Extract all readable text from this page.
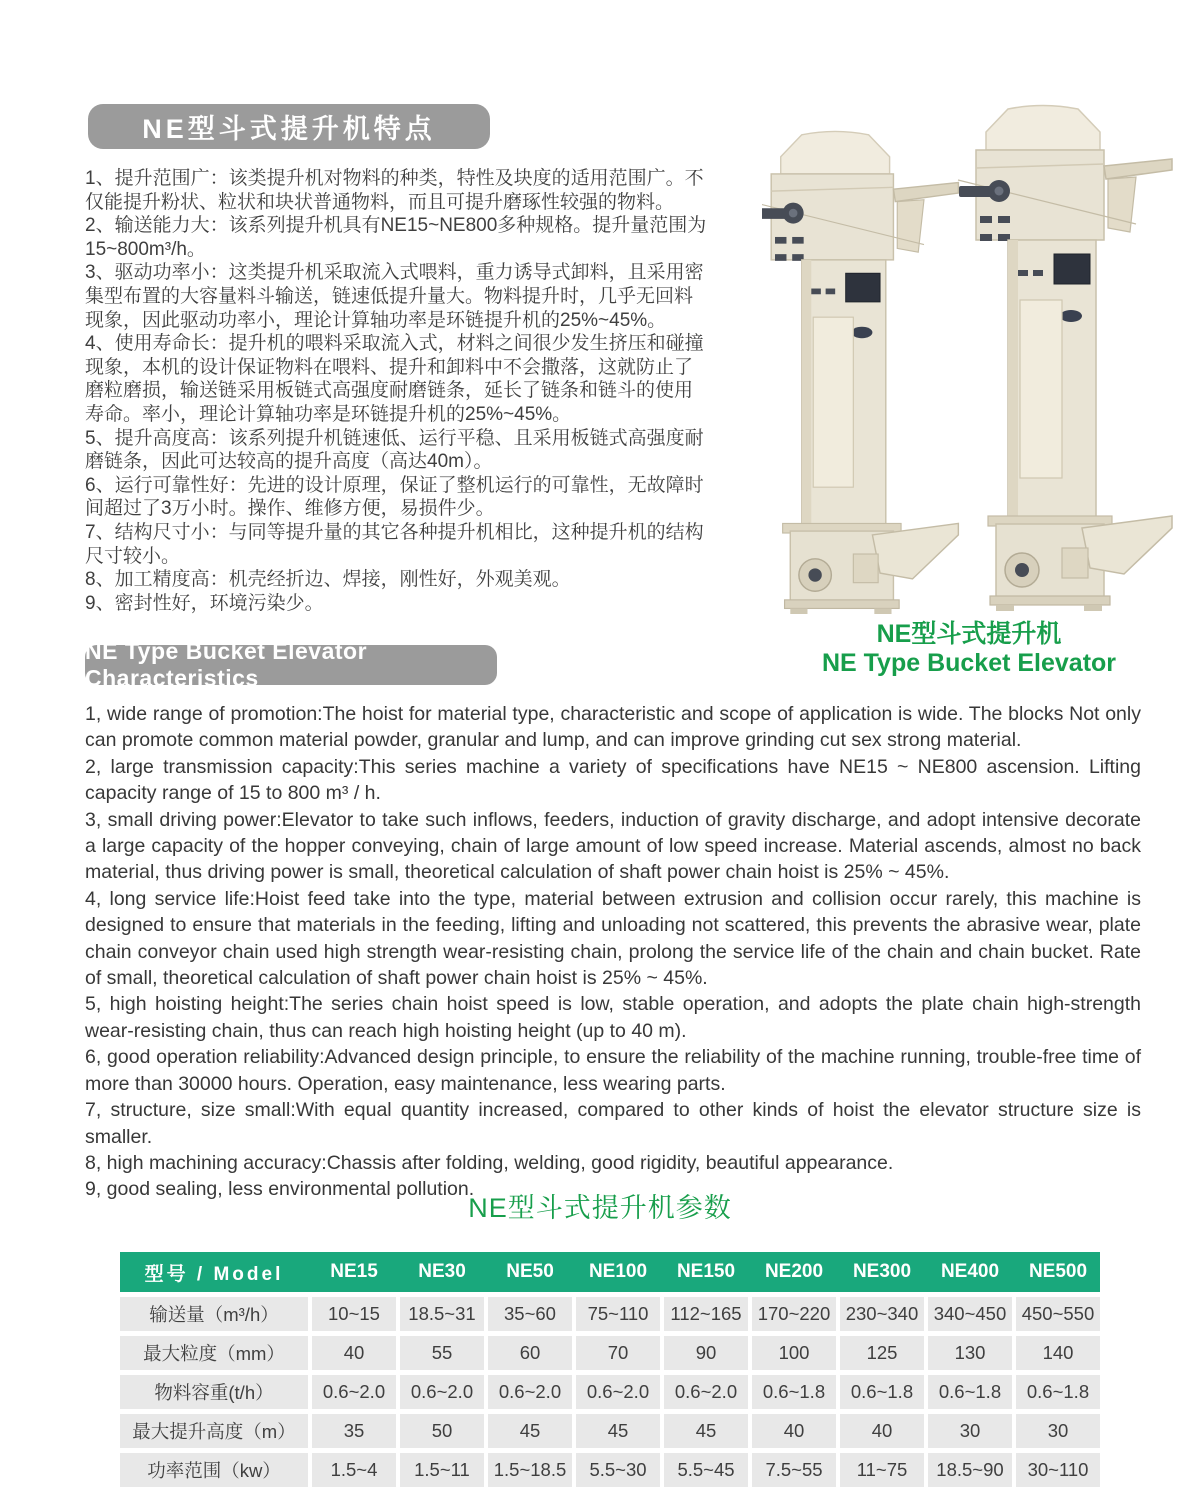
NE型斗式提升机特点

1、提升范围广：该类提升机对物料的种类，特性及块度的适用范围广。不仅能提升粉状、粒状和块状普通物料，而且可提升磨琢性较强的物料。

2、输送能力大：该系列提升机具有NE15~NE800多种规格。提升量范围为15~800m³/h。

3、驱动功率小：这类提升机采取流入式喂料，重力诱导式卸料，且采用密集型布置的大容量料斗输送，链速低提升量大。物料提升时，几乎无回料现象，因此驱动功率小，理论计算轴功率是环链提升机的25%~45%。

4、使用寿命长：提升机的喂料采取流入式，材料之间很少发生挤压和碰撞现象，本机的设计保证物料在喂料、提升和卸料中不会撒落，这就防止了磨粒磨损，输送链采用板链式高强度耐磨链条，延长了链条和链斗的使用寿命。率小，理论计算轴功率是环链提升机的25%~45%。

5、提升高度高：该系列提升机链速低、运行平稳、且采用板链式高强度耐磨链条，因此可达较高的提升高度（高达40m）。

6、运行可靠性好：先进的设计原理，保证了整机运行的可靠性，无故障时间超过了3万小时。操作、维修方便，易损件少。

7、结构尺寸小：与同等提升量的其它各种提升机相比，这种提升机的结构尺寸较小。

8、加工精度高：机壳经折边、焊接，刚性好，外观美观。

9、密封性好，环境污染少。

NE型斗式提升机
NE Type Bucket Elevator
NE Type Bucket Elevator Characteristics

1, wide range of promotion:The hoist for material type, characteristic and scope of application is wide. The blocks Not only can promote common material powder, granular and lump, and can improve grinding cut sex strong material.

2, large transmission capacity:This series machine a variety of specifications have NE15 ~ NE800 ascension. Lifting capacity range of 15 to 800 m³ / h.

3, small driving power:Elevator to take such inflows, feeders, induction of gravity discharge, and adopt intensive decorate a large capacity of the hopper conveying, chain of large amount of low speed increase. Material ascends, almost no back material, thus driving power is small, theoretical calculation of shaft power chain hoist is 25% ~ 45%.

4, long service life:Hoist feed take into the type, material between extrusion and collision occur rarely, this machine is designed to ensure that materials in the feeding, lifting and unloading not scattered, this prevents the abrasive wear, plate chain conveyor chain used high strength wear-resisting chain, prolong the service life of the chain and chain bucket. Rate of small, theoretical calculation of shaft power chain hoist is 25% ~ 45%.

5, high hoisting height:The series chain hoist speed is low, stable operation, and adopts the plate chain high-strength wear-resisting chain, thus can reach high hoisting height (up to 40 m).

6, good operation reliability:Advanced design principle, to ensure the reliability of the machine running, trouble-free time of more than 30000 hours. Operation, easy maintenance, less wearing parts.

7, structure, size small:With equal quantity increased, compared to other kinds of hoist the elevator structure size is smaller.

8, high machining accuracy:Chassis after folding, welding, good rigidity, beautiful appearance.

9, good sealing, less environmental pollution.

NE型斗式提升机参数
型号 / Model	NE15	NE30	NE50	NE100	NE150	NE200	NE300	NE400	NE500
输送量（m³/h）	10~15	18.5~31	35~60	75~110	112~165 170~220 230~340 340~450 450~550
最大粒度（mm）	40	55	60	70	90	100	125	130	140
物料容重(t/h）	0.6~2.0	0.6~2.0	0.6~2.0	0.6~2.0	0.6~2.0	0.6~1.8	0.6~1.8	0.6~1.8	0.6~1.8
最大提升高度（m）	35	50	45	45	45	40	40	30	30
功率范围（kw）	1.5~4	1.5~11	1.5~18.5	5.5~30	5.5~45	7.5~55	11~75	18.5~90	30~110
